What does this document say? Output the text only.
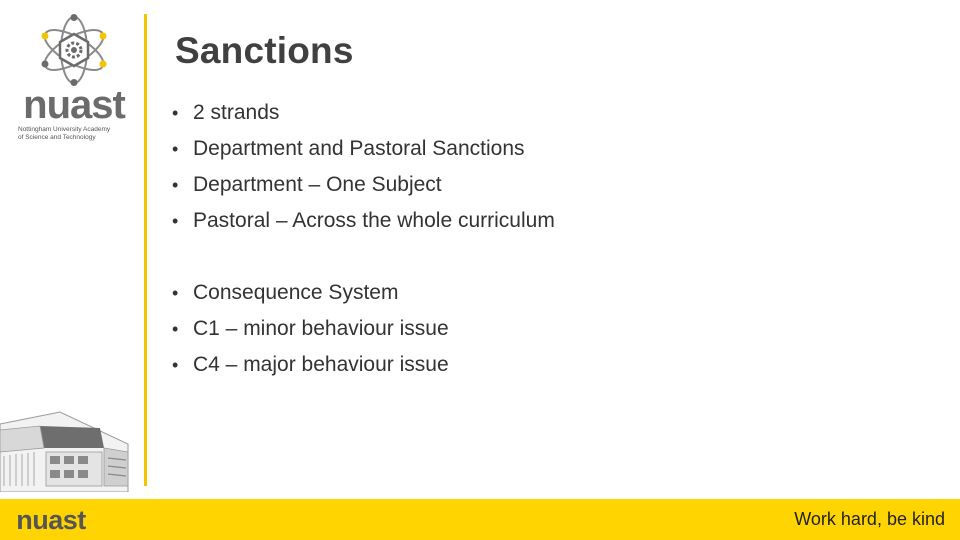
nuast
Nottingham University Academy
of Science and Technology
Sanctions
• 2 strands
• Department and Pastoral Sanctions
• Department – One Subject
• Pastoral – Across the whole curriculum
• Consequence System
• C1 – minor behaviour issue
• C4 – major behaviour issue
nuast	Work hard, be kind
